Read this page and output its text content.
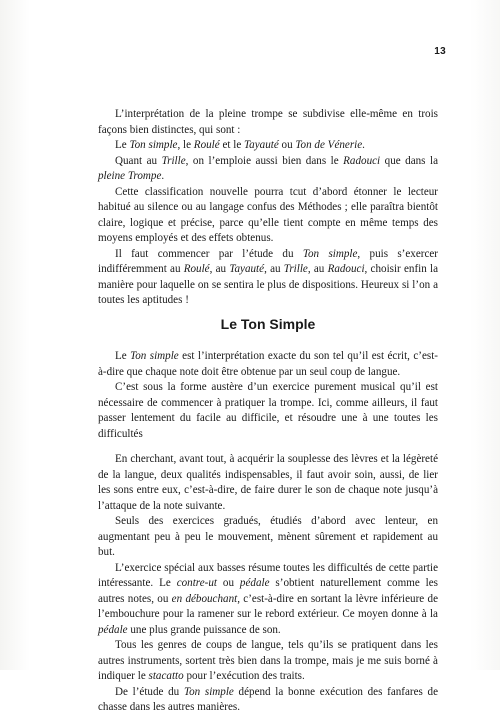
13

L’interprétation de la pleine trompe se subdivise elle-même en trois façons bien distinctes, qui sont :

Le Ton simple, le Roulé et le Tayauté ou Ton de Vénerie.

Quant au Trille, on l’emploie aussi bien dans le Radouci que dans la pleine Trompe.

Cette classification nouvelle pourra tcut d’abord étonner le lecteur habitué au silence ou au langage confus des Méthodes ; elle paraîtra bientôt claire, logique et précise, parce qu’elle tient compte en même temps des moyens employés et des effets obtenus.

Il faut commencer par l’étude du Ton simple, puis s’exercer indifféremment au Roulé, au Tayauté, au Trille, au Radouci, choisir enfin la manière pour laquelle on se sentira le plus de dispositions. Heureux si l’on a toutes les aptitudes !

Le Ton Simple

Le Ton simple est l’interprétation exacte du son tel qu’il est écrit, c’est-à-dire que chaque note doit être obtenue par un seul coup de langue.

C’est sous la forme austère d’un exercice purement musical qu’il est nécessaire de commencer à pratiquer la trompe. Ici, comme ailleurs, il faut passer lentement du facile au difficile, et résoudre une à une toutes les difficultés

En cherchant, avant tout, à acquérir la souplesse des lèvres et la légèreté de la langue, deux qualités indispensables, il faut avoir soin, aussi, de lier les sons entre eux, c’est-à-dire, de faire durer le son de chaque note jusqu’à l’attaque de la note suivante.

Seuls des exercices gradués, étudiés d’abord avec lenteur, en augmentant peu à peu le mouvement, mènent sûrement et rapidement au but.

L’exercice spécial aux basses résume toutes les difficultés de cette partie intéressante. Le contre-ut ou pédale s’obtient naturellement comme les autres notes, ou en débouchant, c’est-à-dire en sortant la lèvre inférieure de l’embouchure pour la ramener sur le rebord extérieur. Ce moyen donne à la pédale une plus grande puissance de son.

Tous les genres de coups de langue, tels qu’ils se pratiquent dans les autres instruments, sortent très bien dans la trompe, mais je me suis borné à indiquer le stacatto pour l’exécution des traits.

De l’étude du Ton simple dépend la bonne exécution des fanfares de chasse dans les autres manières.
